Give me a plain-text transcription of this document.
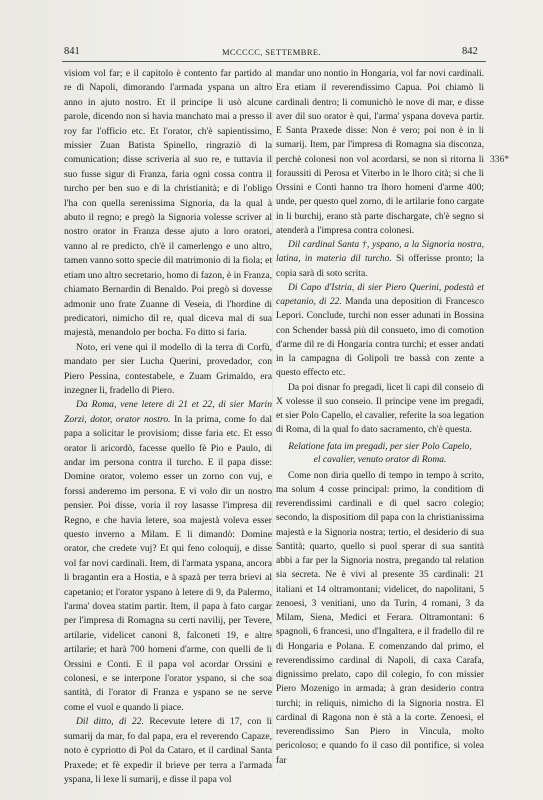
841	MCCCCC, SETTEMBRE.	842

visiom vol far; e il capitolo è contento far partido al re di Napoli, dimorando l'armada yspana un altro anno in ajuto nostro. Et il principe li usò alcune parole, dicendo non si havia manchato mai a presso il roy far l'officio etc. Et l'orator, ch'è sapientissimo, missier Zuan Batista Spinello, ringraziò di la comunication; disse scriveria al suo re, e tuttavia il suo fusse sigur di Franza, faria ogni cossa contra il turcho per ben suo e di la christianità; e di l'obligo l'ha con quella serenissima Signoria, da la qual à abuto il regno; e pregò la Signoria volesse scriver al nostro orator in Franza desse ajuto a loro oratori, vanno al re predicto, ch'è il camerlengo e uno altro, tamen vanno sotto specie dil matrimonio di la fiola; et etiam uno altro secretario, homo di fazon, è in Franza, chiamato Bernardin di Benaldo. Poi pregò si dovesse admonir uno frate Zuanne di Veseia, di l'hordine di predicatori, nimicho dil re, qual diceva mal di sua majestà, menandolo per bocha. Fo ditto si faria.

Noto, eri vene qui il modello di la terra di Corfù, mandato per sier Lucha Querini, provedador, con Piero Pessina, contestabele, e Zuam Grimaldo, era inzegner li, fradello di Piero.

Da Roma, vene letere di 21 et 22, di sier Marin Zorzi, dotor, orator nostro. In la prima, come fo dal papa a solicitar le provisiom; disse faria etc. Et esso orator li aricordò, facesse quello fè Pio e Paulo, di andar im persona contra il turcho. E il papa disse: Domine orator, volemo esser un zorno con vuj, e forssi anderemo im persona. E vi volo dir un nostro pensier. Poi disse, voria il roy lasasse l'impresa dil Regno, e che havia letere, soa majestà voleva esser questo inverno a Milam. E li dimandò: Domine orator, che credete vuj? Et qui feno coloquij, e disse vol far novi cardinali. Item, di l'armata yspana, ancora li bragantin era a Hostia, e à spazà per terra brievi al capetanio; et l'orator yspano à letere di 9, da Palermo, l'arma' dovea statim partir. Item, il papa à fato cargar per l'impresa di Romagna su certi navilij, per Tevere, artilarie, videlicet canoni 8, falconeti 19, e altre artilarie; et harà 700 homeni d'arme, con quelli de li Orssini e Conti. E il papa vol acordar Orssini e colonesi, e se interpone l'orator yspano, si che soa santità, di l'orator di Franza e yspano se ne serve come el vuol e quando li piace.

Dil ditto, di 22. Recevute letere di 17, con li sumarij da mar, fo dal papa, era el reverendo Capaze, noto è cypriotto di Pol da Cataro, et il cardinal Santa Praxede; et fè expedir il brieve per terra a l'armada yspana, li lexe li sumarij, e disse il papa vol

mandar uno nontio in Hongaria, vol far novi cardinali. Era etiam il reverendissimo Capua. Poi chiamò li cardinali dentro; li comunichò le nove di mar, e disse aver dil suo orator è qui, l'arma' yspana doveva partir. E Santa Praxede disse: Non è vero; poi non è in li sumarij. Item, par l'impresa di Romagna sia disconza, perchè colonesi non vol acordarsi, se non si ritorna li foraussiti di Perosa et Viterbo in le lhoro cità; si che li Orssini e Conti hanno tra lhoro homeni d'arme 400; unde, per questo quel zorno, di le artilarie fono cargate in li burchij, erano stà parte dischargate, ch'è segno si atenderà a l'impresa contra colonesi.

Dil cardinal Santa †, yspano, a la Signoria nostra, latina, in materia dil turcho. Si offerisse pronto; la copia sarà di soto scrita.

Di Capo d'Istria, di sier Piero Querini, podestà et capetanio, di 22. Manda una deposition di Francesco Lepori. Conclude, turchi non esser adunati in Bossina con Schender bassà più dil consueto, imo di comotion d'arme dil re di Hongaria contra turchi; et esser andati in la campagna di Golipoli tre bassà con zente a questo effecto etc.

Da poi disnar fo pregadi, licet li capi dil conseio di X volesse il suo conseio. Il principe vene im pregadi, et sier Polo Capello, el cavalier, referite la soa legation di Roma, di la qual fo dato sacramento, ch'è questa.

Relatione fata im pregadi, per sier Polo Capelo, el cavalier, venuto orator di Roma.

Come non diria quello di tempo in tempo à scrito, ma solum 4 cosse principal: primo, la conditiom di reverendissimi cardinali e di quel sacro colegio; secondo, la dispositiom dil papa con la christianissima majestà e la Signoria nostra; tertio, el desiderio di sua Santità; quarto, quello si puol sperar di sua santità abbi a far per la Signoria nostra, pregando tal relation sia secreta. Ne è vivi al presente 35 cardinali: 21 italiani et 14 oltramontani; videlicet, do napolitani, 5 zenoesi, 3 venitiani, uno da Turin, 4 romani, 3 da Milam, Siena, Medici et Ferara. Oltramontani: 6 spagnoli, 6 francesi, uno d'Ingaltera, e il fradello dil re di Hongaria e Polana. E comenzando dal primo, el reverendissimo cardinal di Napoli, di caxa Carafa, dignissimo prelato, capo dil colegio, fo con missier Piero Mozenigo in armada; à gran desiderio contra turchi; in reliquis, nimicho di la Signoria nostra. El cardinal di Ragona non è stà a la corte. Zenoesi, el reverendissimo San Piero in Vincula, molto pericoloso; e quando fo il caso dil pontifice, si volea far

336*
